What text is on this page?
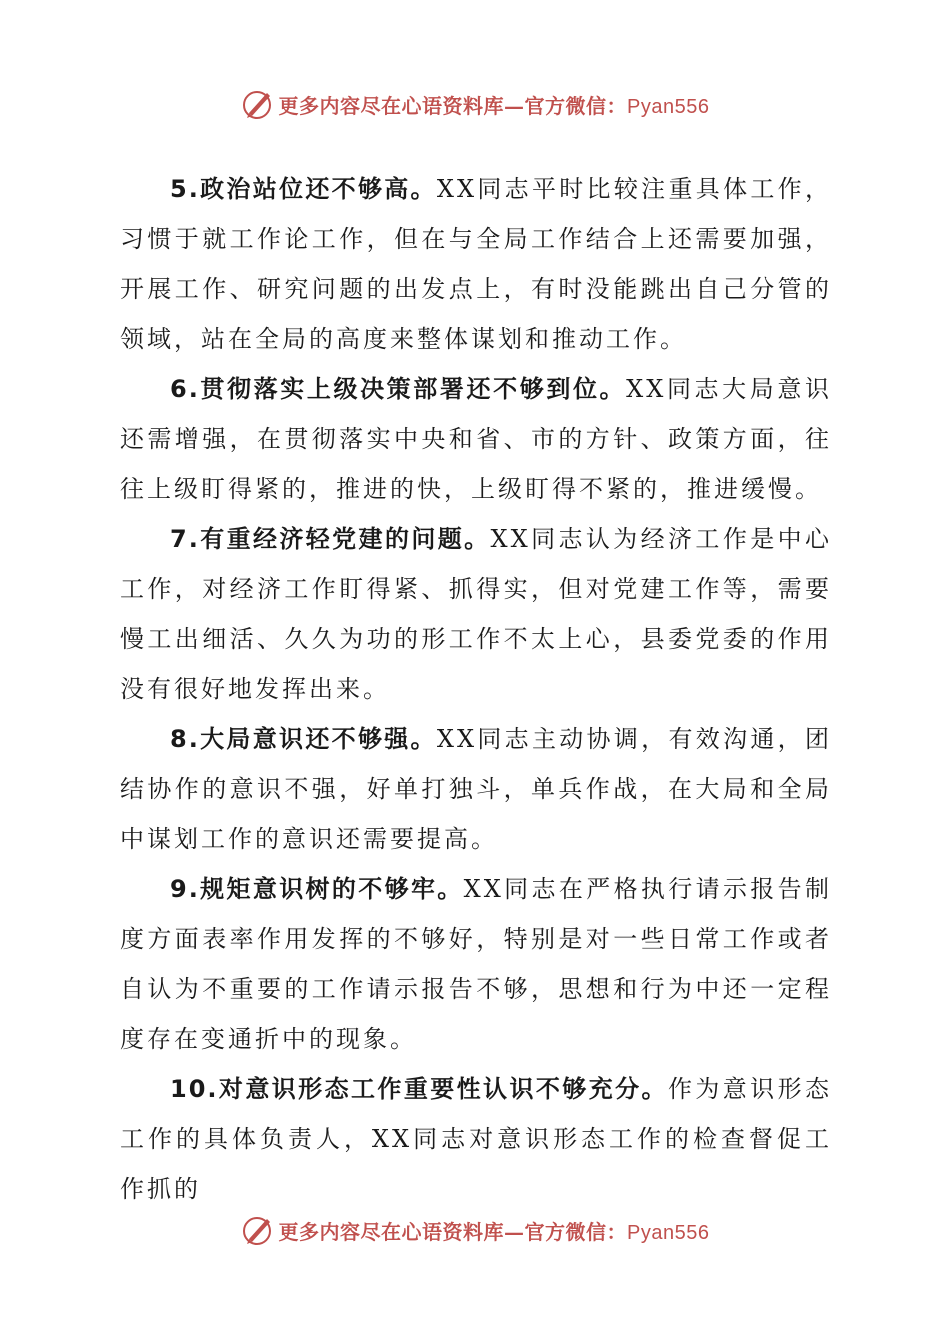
更多内容尽在心语资料库—官方微信：Pyan556

5.政治站位还不够高。XX同志平时比较注重具体工作，习惯于就工作论工作，但在与全局工作结合上还需要加强，开展工作、研究问题的出发点上，有时没能跳出自己分管的领域，站在全局的高度来整体谋划和推动工作。

6.贯彻落实上级决策部署还不够到位。XX同志大局意识还需增强，在贯彻落实中央和省、市的方针、政策方面，往往上级盯得紧的，推进的快，上级盯得不紧的，推进缓慢。

7.有重经济轻党建的问题。XX同志认为经济工作是中心工作，对经济工作盯得紧、抓得实，但对党建工作等，需要慢工出细活、久久为功的形工作不太上心，县委党委的作用没有很好地发挥出来。

8.大局意识还不够强。XX同志主动协调，有效沟通，团结协作的意识不强，好单打独斗，单兵作战，在大局和全局中谋划工作的意识还需要提高。

9.规矩意识树的不够牢。XX同志在严格执行请示报告制度方面表率作用发挥的不够好，特别是对一些日常工作或者自认为不重要的工作请示报告不够，思想和行为中还一定程度存在变通折中的现象。

10.对意识形态工作重要性认识不够充分。作为意识形态工作的具体负责人，XX同志对意识形态工作的检查督促工作抓的

更多内容尽在心语资料库—官方微信：Pyan556
